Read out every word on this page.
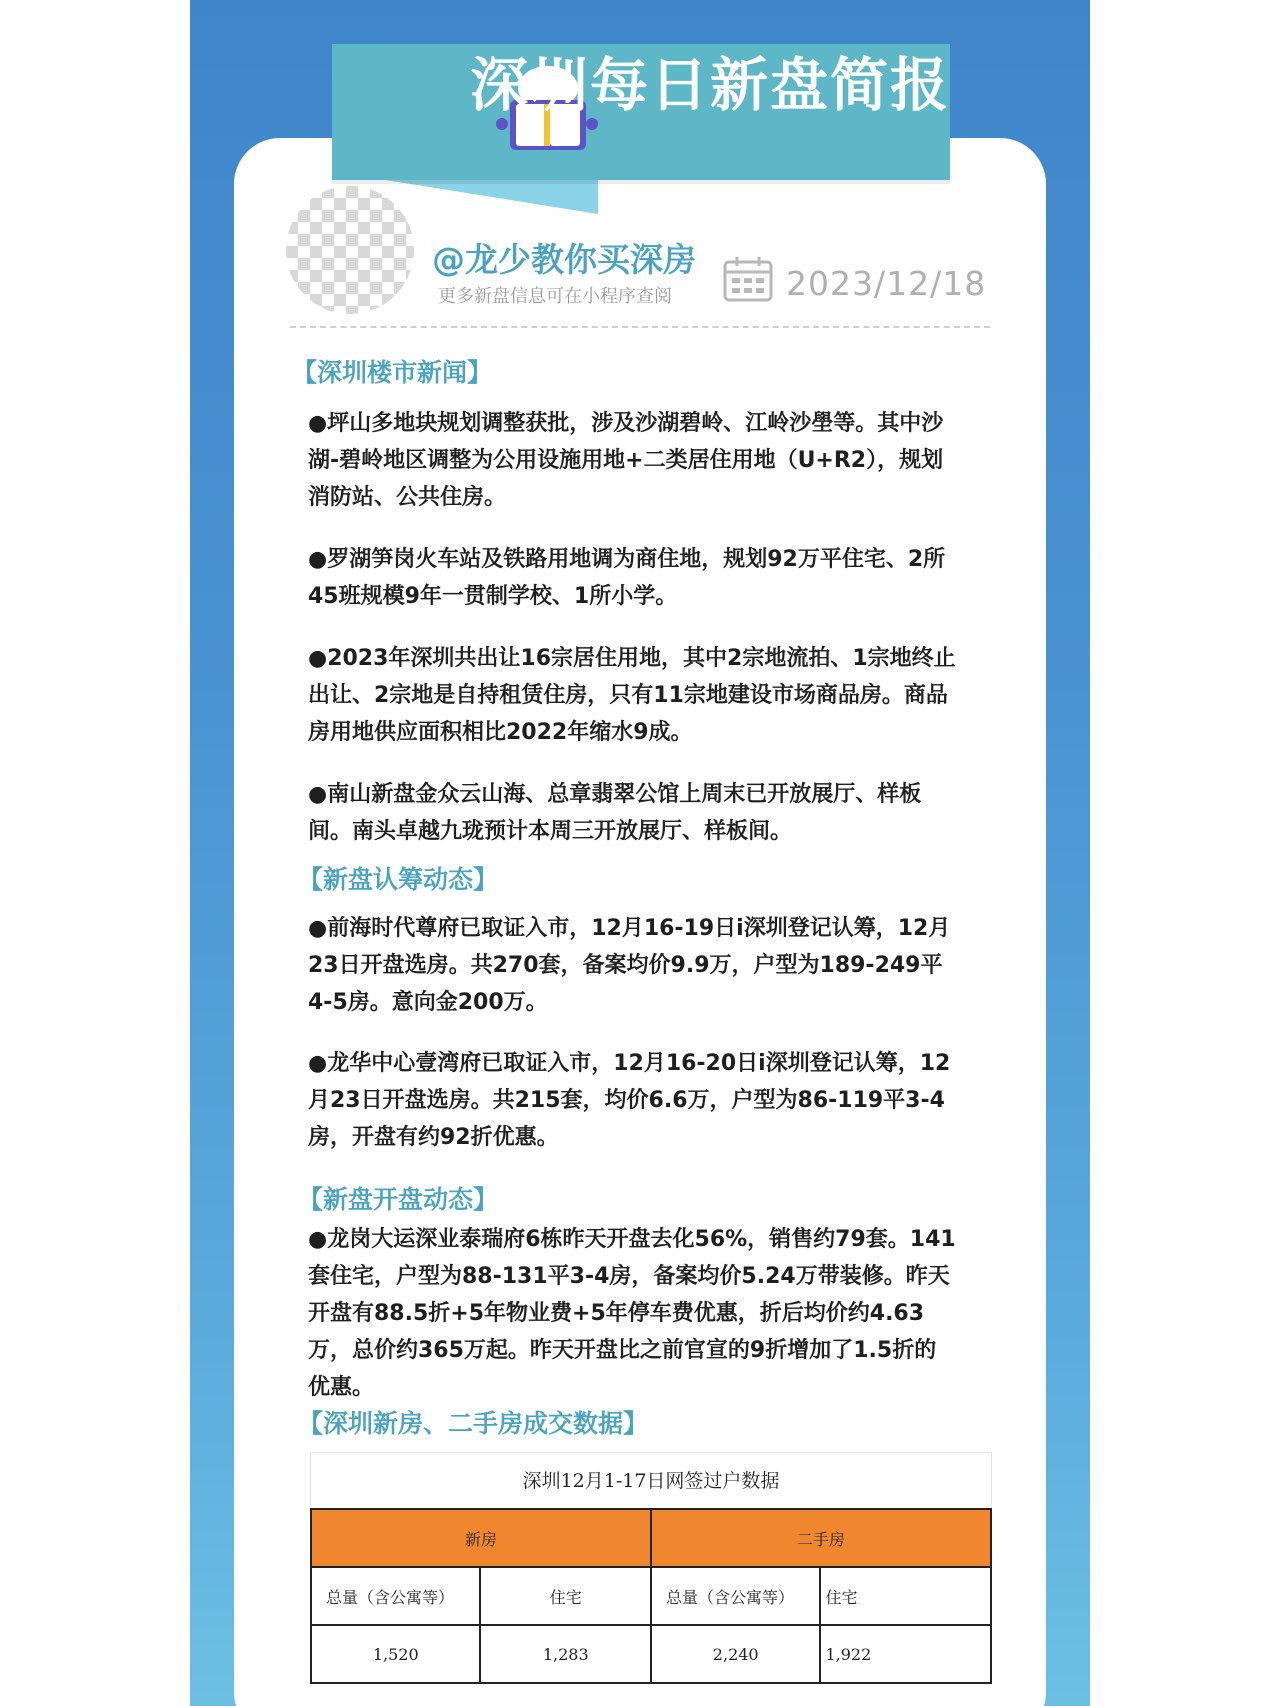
深圳每日新盘简报
@龙少教你买深房
更多新盘信息可在小程序查阅	2023/12/18
【深圳楼市新闻】
●坪山多地块规划调整获批，涉及沙湖碧岭、江岭沙壆等。其中沙湖-碧岭地区调整为公用设施用地+二类居住用地（U+R2），规划消防站、公共住房。
●罗湖笋岗火车站及铁路用地调为商住地，规划92万平住宅、2所45班规模9年一贯制学校、1所小学。
●2023年深圳共出让16宗居住用地，其中2宗地流拍、1宗地终止出让、2宗地是自持租赁住房，只有11宗地建设市场商品房。商品房用地供应面积相比2022年缩水9成。
●南山新盘金众云山海、总章翡翠公馆上周末已开放展厅、样板间。南头卓越九珑预计本周三开放展厅、样板间。
【新盘认筹动态】
●前海时代尊府已取证入市，12月16-19日i深圳登记认筹，12月23日开盘选房。共270套，备案均价9.9万，户型为189-249平4-5房。意向金200万。
●龙华中心壹湾府已取证入市，12月16-20日i深圳登记认筹，12月23日开盘选房。共215套，均价6.6万，户型为86-119平3-4房，开盘有约92折优惠。
【新盘开盘动态】
●龙岗大运深业泰瑞府6栋昨天开盘去化56%，销售约79套。141套住宅，户型为88-131平3-4房，备案均价5.24万带装修。昨天开盘有88.5折+5年物业费+5年停车费优惠，折后均价约4.63万，总价约365万起。昨天开盘比之前官宣的9折增加了1.5折的优惠。
【深圳新房、二手房成交数据】
深圳12月1-17日网签过户数据
新房		二手房	
总量（含公寓等）	住宅	总量（含公寓等）	住宅
1,520	1,283	2,240	1,922
